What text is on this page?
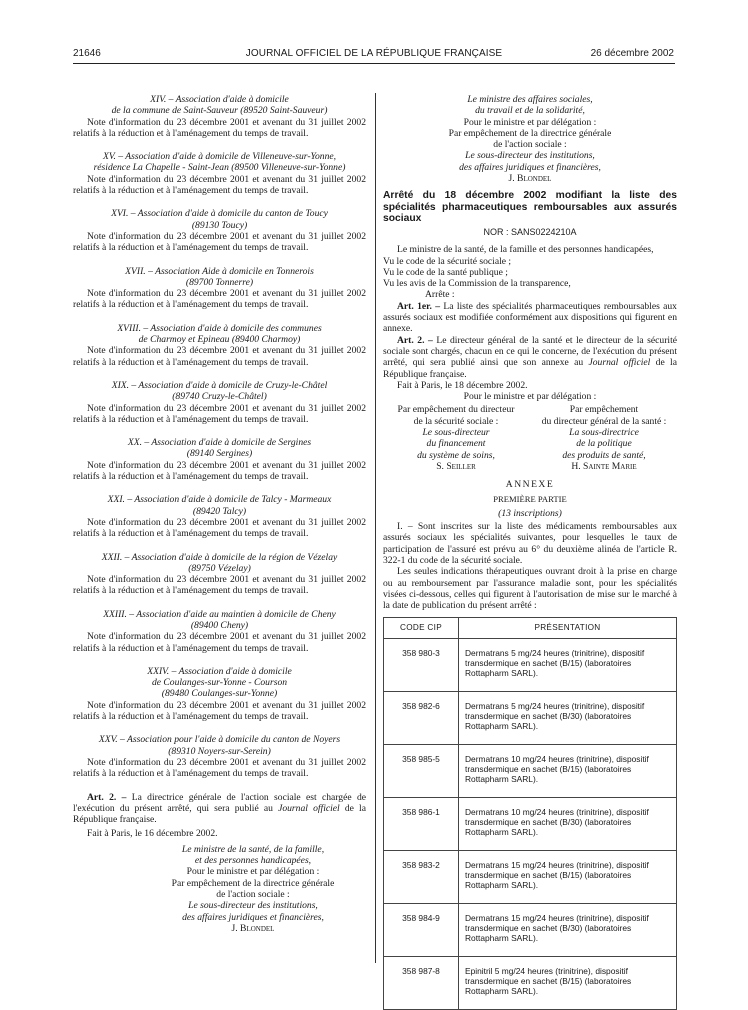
21646	JOURNAL OFFICIEL DE LA RÉPUBLIQUE FRANÇAISE	26 décembre 2002
XIV. – Association d'aide à domicile
de la commune de Saint-Sauveur (89520 Saint-Sauveur)
Note d'information du 23 décembre 2001 et avenant du 31 juillet 2002 relatifs à la réduction et à l'aménagement du temps de travail.
XV. – Association d'aide à domicile de Villeneuve-sur-Yonne,
résidence La Chapelle - Saint-Jean (89500 Villeneuve-sur-Yonne)
Note d'information du 23 décembre 2001 et avenant du 31 juillet 2002 relatifs à la réduction et à l'aménagement du temps de travail.
XVI. – Association d'aide à domicile du canton de Toucy
(89130 Toucy)
Note d'information du 23 décembre 2001 et avenant du 31 juillet 2002 relatifs à la réduction et à l'aménagement du temps de travail.
XVII. – Association Aide à domicile en Tonnerois
(89700 Tonnerre)
Note d'information du 23 décembre 2001 et avenant du 31 juillet 2002 relatifs à la réduction et à l'aménagement du temps de travail.
XVIII. – Association d'aide à domicile des communes
de Charmoy et Epineau (89400 Charmoy)
Note d'information du 23 décembre 2001 et avenant du 31 juillet 2002 relatifs à la réduction et à l'aménagement du temps de travail.
XIX. – Association d'aide à domicile de Cruzy-le-Châtel
(89740 Cruzy-le-Châtel)
Note d'information du 23 décembre 2001 et avenant du 31 juillet 2002 relatifs à la réduction et à l'aménagement du temps de travail.
XX. – Association d'aide à domicile de Sergines
(89140 Sergines)
Note d'information du 23 décembre 2001 et avenant du 31 juillet 2002 relatifs à la réduction et à l'aménagement du temps de travail.
XXI. – Association d'aide à domicile de Talcy - Marmeaux
(89420 Talcy)
Note d'information du 23 décembre 2001 et avenant du 31 juillet 2002 relatifs à la réduction et à l'aménagement du temps de travail.
XXII. – Association d'aide à domicile de la région de Vézelay
(89750 Vézelay)
Note d'information du 23 décembre 2001 et avenant du 31 juillet 2002 relatifs à la réduction et à l'aménagement du temps de travail.
XXIII. – Association d'aide au maintien à domicile de Cheny
(89400 Cheny)
Note d'information du 23 décembre 2001 et avenant du 31 juillet 2002 relatifs à la réduction et à l'aménagement du temps de travail.
XXIV. – Association d'aide à domicile
de Coulanges-sur-Yonne - Courson
(89480 Coulanges-sur-Yonne)
Note d'information du 23 décembre 2001 et avenant du 31 juillet 2002 relatifs à la réduction et à l'aménagement du temps de travail.
XXV. – Association pour l'aide à domicile du canton de Noyers
(89310 Noyers-sur-Serein)
Note d'information du 23 décembre 2001 et avenant du 31 juillet 2002 relatifs à la réduction et à l'aménagement du temps de travail.

Art. 2. – La directrice générale de l'action sociale est chargée de l'exécution du présent arrêté, qui sera publié au Journal officiel de la République française.

Fait à Paris, le 16 décembre 2002.

Le ministre de la santé, de la famille,
et des personnes handicapées,
Pour le ministre et par délégation :
Par empêchement de la directrice générale
de l'action sociale :
Le sous-directeur des institutions,
des affaires juridiques et financières,
J. Blondel
Le ministre des affaires sociales,
du travail et de la solidarité,
Pour le ministre et par délégation :
Par empêchement de la directrice générale
de l'action sociale :
Le sous-directeur des institutions,
des affaires juridiques et financières,
J. Blondel
Arrêté du 18 décembre 2002 modifiant la liste des spécialités pharmaceutiques remboursables aux assurés sociaux
NOR : SANS0224210A

Le ministre de la santé, de la famille et des personnes handicapées,

Vu le code de la sécurité sociale ;
Vu le code de la santé publique ;
Vu les avis de la Commission de la transparence,
Arrête :

Art. 1er. – La liste des spécialités pharmaceutiques remboursables aux assurés sociaux est modifiée conformément aux dispositions qui figurent en annexe.

Art. 2. – Le directeur général de la santé et le directeur de la sécurité sociale sont chargés, chacun en ce qui le concerne, de l'exécution du présent arrêté, qui sera publié ainsi que son annexe au Journal officiel de la République française.

Fait à Paris, le 18 décembre 2002.
Pour le ministre et par délégation :
Par empêchement du directeur
de la sécurité sociale :
Le sous-directeur
du financement
du système de soins,
S. Seiller
Par empêchement
du directeur général de la santé :
La sous-directrice
de la politique
des produits de santé,
H. Sainte Marie
ANNEXE
PREMIÈRE PARTIE
(13 inscriptions)

I. – Sont inscrites sur la liste des médicaments remboursables aux assurés sociaux les spécialités suivantes, pour lesquelles le taux de participation de l'assuré est prévu au 6° du deuxième alinéa de l'article R. 322-1 du code de la sécurité sociale.

Les seules indications thérapeutiques ouvrant droit à la prise en charge ou au remboursement par l'assurance maladie sont, pour les spécialités visées ci-dessous, celles qui figurent à l'autorisation de mise sur le marché à la date de publication du présent arrêté :

CODE CIP	PRÉSENTATION
358 980-3	Dermatrans 5 mg/24 heures (trinitrine), dispositif transdermique en sachet (B/15) (laboratoires Rottapharm SARL).
358 982-6	Dermatrans 5 mg/24 heures (trinitrine), dispositif transdermique en sachet (B/30) (laboratoires Rottapharm SARL).
358 985-5	Dermatrans 10 mg/24 heures (trinitrine), dispositif transdermique en sachet (B/15) (laboratoires Rottapharm SARL).
358 986-1	Dermatrans 10 mg/24 heures (trinitrine), dispositif transdermique en sachet (B/30) (laboratoires Rottapharm SARL).
358 983-2	Dermatrans 15 mg/24 heures (trinitrine), dispositif transdermique en sachet (B/15) (laboratoires Rottapharm SARL).
358 984-9	Dermatrans 15 mg/24 heures (trinitrine), dispositif transdermique en sachet (B/30) (laboratoires Rottapharm SARL).
358 987-8	Epinitril 5 mg/24 heures (trinitrine), dispositif transdermique en sachet (B/15) (laboratoires Rottapharm SARL).
